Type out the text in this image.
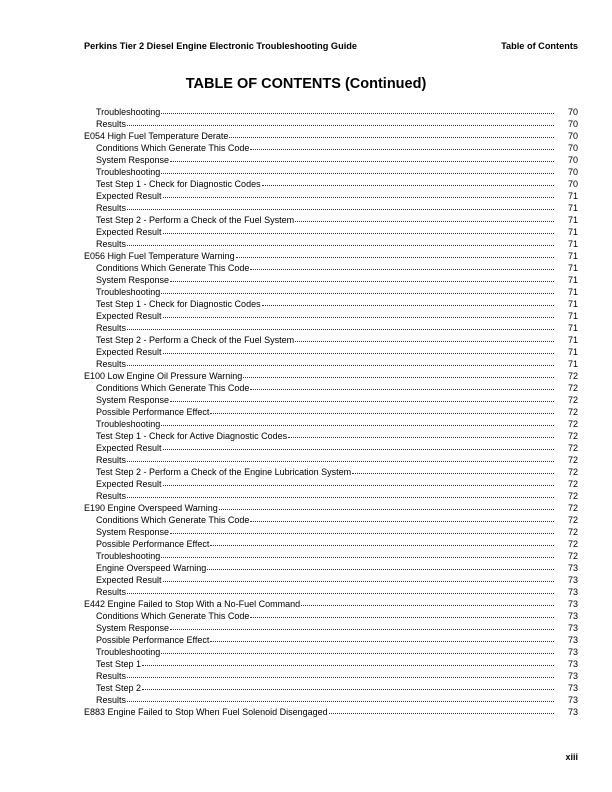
Perkins Tier 2 Diesel Engine Electronic Troubleshooting Guide	Table of Contents
TABLE OF CONTENTS (Continued)
Troubleshooting	70
Results	70
E054 High Fuel Temperature Derate	70
Conditions Which Generate This Code	70
System Response	70
Troubleshooting	70
Test Step 1 - Check for Diagnostic Codes	70
Expected Result	71
Results	71
Test Step 2 - Perform a Check of the Fuel System	71
Expected Result	71
Results	71
E056 High Fuel Temperature Warning	71
Conditions Which Generate This Code	71
System Response	71
Troubleshooting	71
Test Step 1 - Check for Diagnostic Codes	71
Expected Result	71
Results	71
Test Step 2 - Perform a Check of the Fuel System	71
Expected Result	71
Results	71
E100 Low Engine Oil Pressure Warning	72
Conditions Which Generate This Code	72
System Response	72
Possible Performance Effect	72
Troubleshooting	72
Test Step 1 - Check for Active Diagnostic Codes	72
Expected Result	72
Results	72
Test Step 2 - Perform a Check of the Engine Lubrication System	72
Expected Result	72
Results	72
E190 Engine Overspeed Warning	72
Conditions Which Generate This Code	72
System Response	72
Possible Performance Effect	72
Troubleshooting	72
Engine Overspeed Warning	73
Expected Result	73
Results	73
E442 Engine Failed to Stop With a No-Fuel Command	73
Conditions Which Generate This Code	73
System Response	73
Possible Performance Effect	73
Troubleshooting	73
Test Step 1	73
Results	73
Test Step 2	73
Results	73
E883 Engine Failed to Stop When Fuel Solenoid Disengaged	73
xiii
